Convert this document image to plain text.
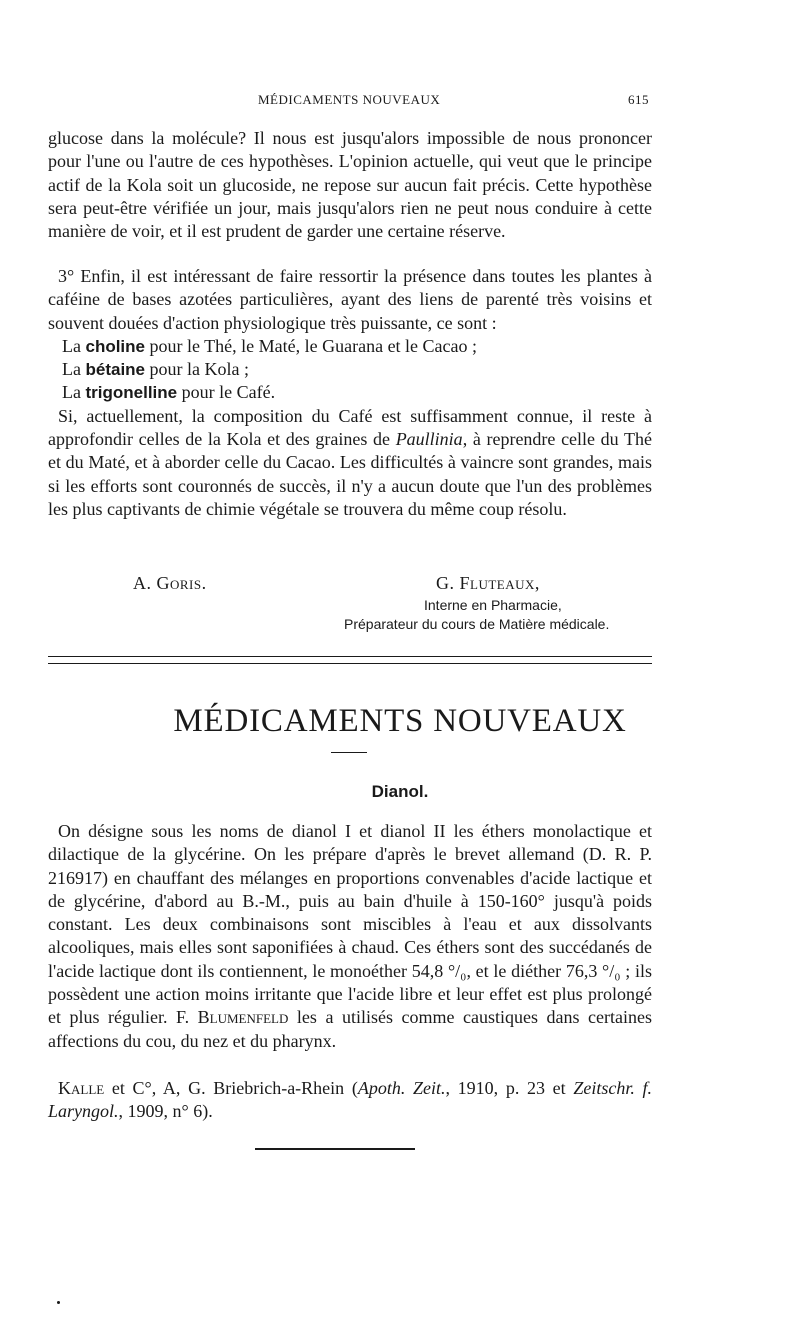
MÉDICAMENTS NOUVEAUX	615

glucose dans la molécule? Il nous est jusqu'alors impossible de nous prononcer pour l'une ou l'autre de ces hypothèses. L'opinion actuelle, qui veut que le principe actif de la Kola soit un glucoside, ne repose sur aucun fait précis. Cette hypothèse sera peut-être vérifiée un jour, mais jusqu'alors rien ne peut nous conduire à cette manière de voir, et il est prudent de garder une certaine réserve.

3° Enfin, il est intéressant de faire ressortir la présence dans toutes les plantes à caféine de bases azotées particulières, ayant des liens de parenté très voisins et souvent douées d'action physiologique très puissante, ce sont :

La choline pour le Thé, le Maté, le Guarana et le Cacao ;

La bétaine pour la Kola ;

La trigonelline pour le Café.

Si, actuellement, la composition du Café est suffisamment connue, il reste à approfondir celles de la Kola et des graines de Paullinia, à reprendre celle du Thé et du Maté, et à aborder celle du Cacao. Les difficultés à vaincre sont grandes, mais si les efforts sont couronnés de succès, il n'y a aucun doute que l'un des problèmes les plus captivants de chimie végétale se trouvera du même coup résolu.

A. Goris.	G. Fluteaux,
Interne en Pharmacie,
Préparateur du cours de Matière médicale.
MÉDICAMENTS NOUVEAUX
Dianol.

On désigne sous les noms de dianol I et dianol II les éthers monolactique et dilactique de la glycérine. On les prépare d'après le brevet allemand (D. R. P. 216917) en chauffant des mélanges en proportions convenables d'acide lactique et de glycérine, d'abord au B.-M., puis au bain d'huile à 150-160° jusqu'à poids constant. Les deux combinaisons sont miscibles à l'eau et aux dissolvants alcooliques, mais elles sont saponifiées à chaud. Ces éthers sont des succédanés de l'acide lactique dont ils contiennent, le monoéther 54,8 °/₀, et le diéther 76,3 °/₀ ; ils possèdent une action moins irritante que l'acide libre et leur effet est plus prolongé et plus régulier. F. Blumenfeld les a utilisés comme caustiques dans certaines affections du cou, du nez et du pharynx.

Kalle et C°, A, G. Briebrich-a-Rhein (Apoth. Zeit., 1910, p. 23 et Zeitschr. f. Laryngol., 1909, n° 6).
